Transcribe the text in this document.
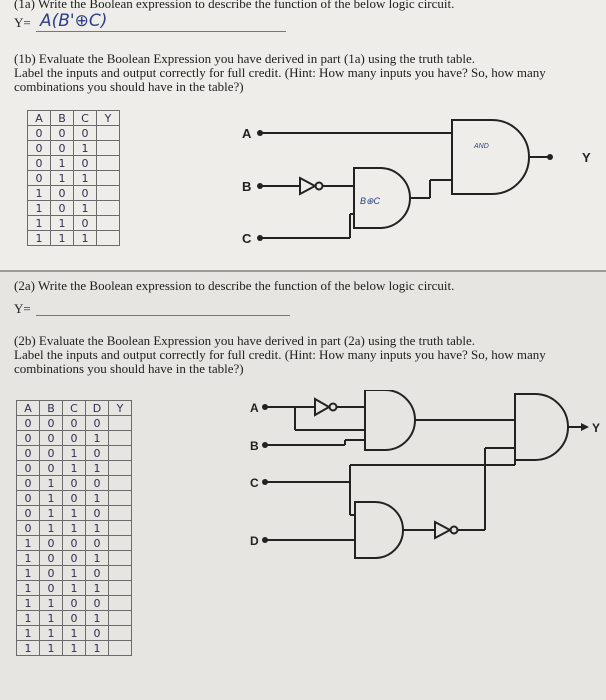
(1a) Write the Boolean expression to describe the function of the below logic circuit.
Y= A(B'⊕C)
(1b) Evaluate the Boolean Expression you have derived in part (1a) using the truth table.
Label the inputs and output correctly for full credit. (Hint: How many inputs you have? So, how many
combinations you should have in the table?)
A	B	C	Y
0	0	0	
0	0	1	
0	1	0	
0	1	1	
1	0	0	
1	0	1	
1	1	0	
1	1	1	
A
B
C
Y
AND
B⊕C
(2a) Write the Boolean expression to describe the function of the below logic circuit.
Y=
(2b) Evaluate the Boolean Expression you have derived in part (2a) using the truth table.
Label the inputs and output correctly for full credit. (Hint: How many inputs you have? So, how many
combinations you should have in the table?)
A	B	C	D	Y
0	0	0	0	
0	0	0	1	
0	0	1	0	
0	0	1	1	
0	1	0	0	
0	1	0	1	
0	1	1	0	
0	1	1	1	
1	0	0	0	
1	0	0	1	
1	0	1	0	
1	0	1	1	
1	1	0	0	
1	1	0	1	
1	1	1	0	
1	1	1	1	
A
B
C
D
Y
